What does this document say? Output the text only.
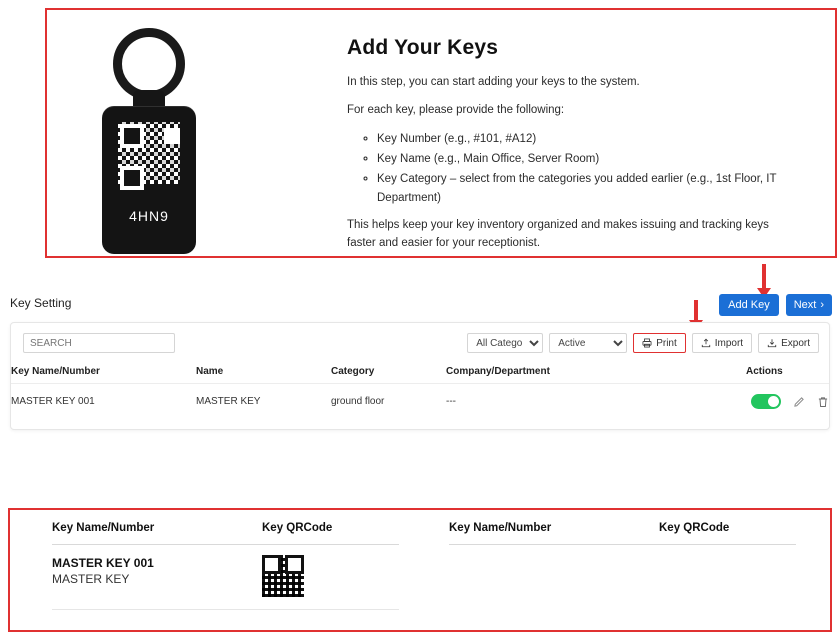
4HN9
Add Your Keys

In this step, you can start adding your keys to the system.

For each key, please provide the following:

◦ Key Number (e.g., #101, #A12)
◦ Key Name (e.g., Main Office, Server Room)
◦ Key Category – select from the categories you added earlier (e.g., 1st Floor, IT Department)

This helps keep your key inventory organized and makes issuing and tracking keys faster and easier for your receptionist.

Key Setting	Add Key	Next ›
SEARCH
All Category
Active
Print	Import	Export
Key Name/Number	Name	Category	Company/Department	Actions
MASTER KEY 001	MASTER KEY	ground floor	---	
Key Name/Number	Key QRCode
MASTER KEY 001
MASTER KEY
Key Name/Number	Key QRCode
